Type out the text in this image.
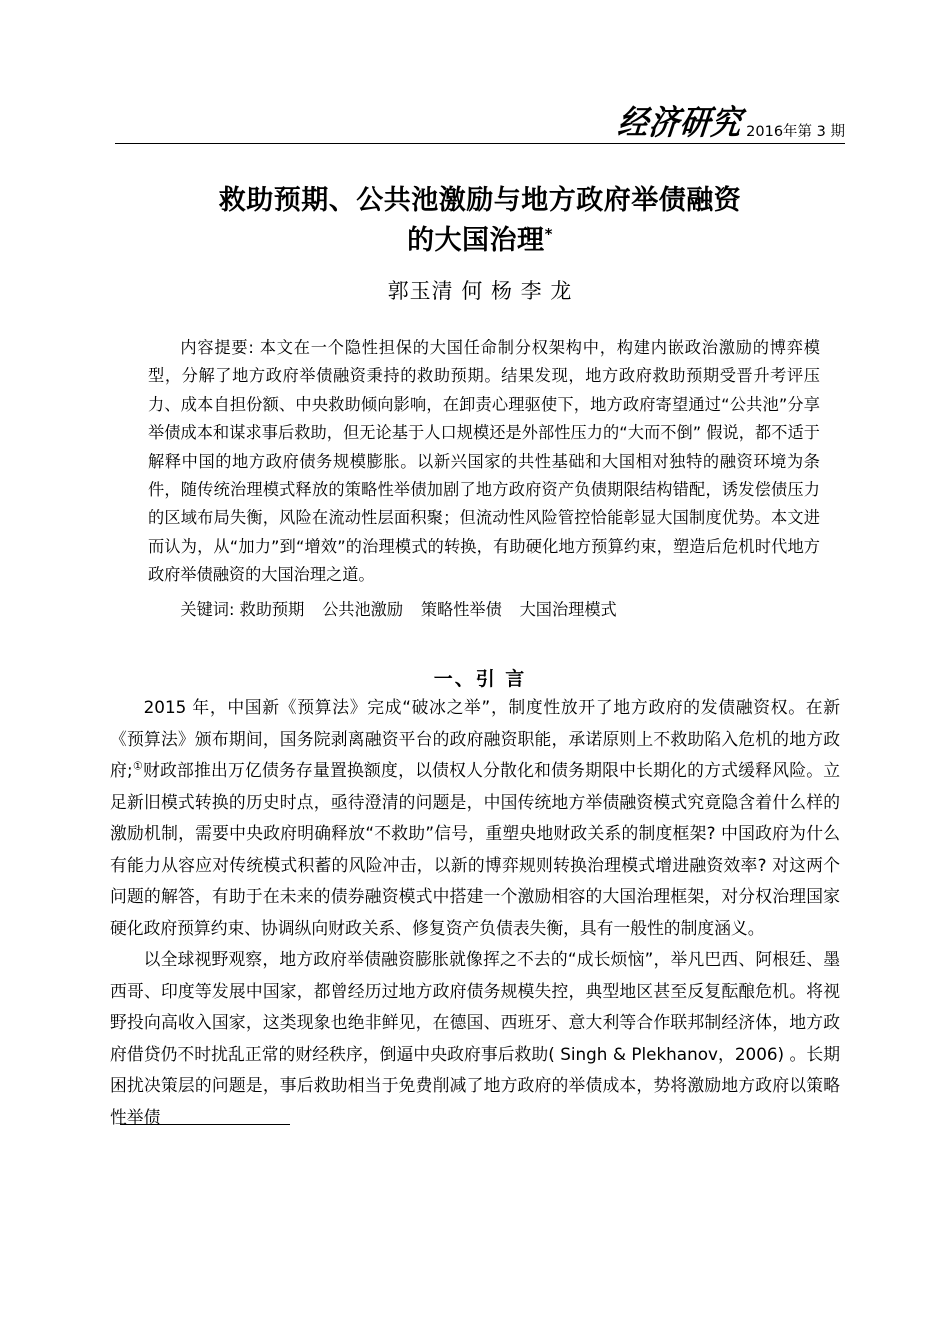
经济研究 2016年第 3 期
救助预期、公共池激励与地方政府举债融资
的大国治理*
郭玉清 何 杨 李 龙

内容提要: 本文在一个隐性担保的大国任命制分权架构中，构建内嵌政治激励的博弈模型，分解了地方政府举债融资秉持的救助预期。结果发现，地方政府救助预期受晋升考评压力、成本自担份额、中央救助倾向影响，在卸责心理驱使下，地方政府寄望通过“公共池”分享举债成本和谋求事后救助，但无论基于人口规模还是外部性压力的“大而不倒” 假说，都不适于解释中国的地方政府债务规模膨胀。以新兴国家的共性基础和大国相对独特的融资环境为条件，随传统治理模式释放的策略性举债加剧了地方政府资产负债期限结构错配，诱发偿债压力的区域布局失衡，风险在流动性层面积聚；但流动性风险管控恰能彰显大国制度优势。本文进而认为，从“加力”到“增效”的治理模式的转换，有助硬化地方预算约束，塑造后危机时代地方政府举债融资的大国治理之道。

关键词: 救助预期 公共池激励 策略性举债 大国治理模式

一、引 言

2015 年，中国新《预算法》完成“破冰之举”，制度性放开了地方政府的发债融资权。在新《预算法》颁布期间，国务院剥离融资平台的政府融资职能，承诺原则上不救助陷入危机的地方政府;①财政部推出万亿债务存量置换额度，以债权人分散化和债务期限中长期化的方式缓释风险。立足新旧模式转换的历史时点，亟待澄清的问题是，中国传统地方举债融资模式究竟隐含着什么样的激励机制，需要中央政府明确释放“不救助”信号，重塑央地财政关系的制度框架? 中国政府为什么有能力从容应对传统模式积蓄的风险冲击，以新的博弈规则转换治理模式增进融资效率? 对这两个问题的解答，有助于在未来的债券融资模式中搭建一个激励相容的大国治理框架，对分权治理国家硬化政府预算约束、协调纵向财政关系、修复资产负债表失衡，具有一般性的制度涵义。

以全球视野观察，地方政府举债融资膨胀就像挥之不去的“成长烦恼”，举凡巴西、阿根廷、墨西哥、印度等发展中国家，都曾经历过地方政府债务规模失控，典型地区甚至反复酝酿危机。将视野投向高收入国家，这类现象也绝非鲜见，在德国、西班牙、意大利等合作联邦制经济体，地方政府借贷仍不时扰乱正常的财经秩序，倒逼中央政府事后救助( Singh & Plekhanov，2006) 。长期困扰决策层的问题是，事后救助相当于免费削减了地方政府的举债成本，势将激励地方政府以策略性举债
